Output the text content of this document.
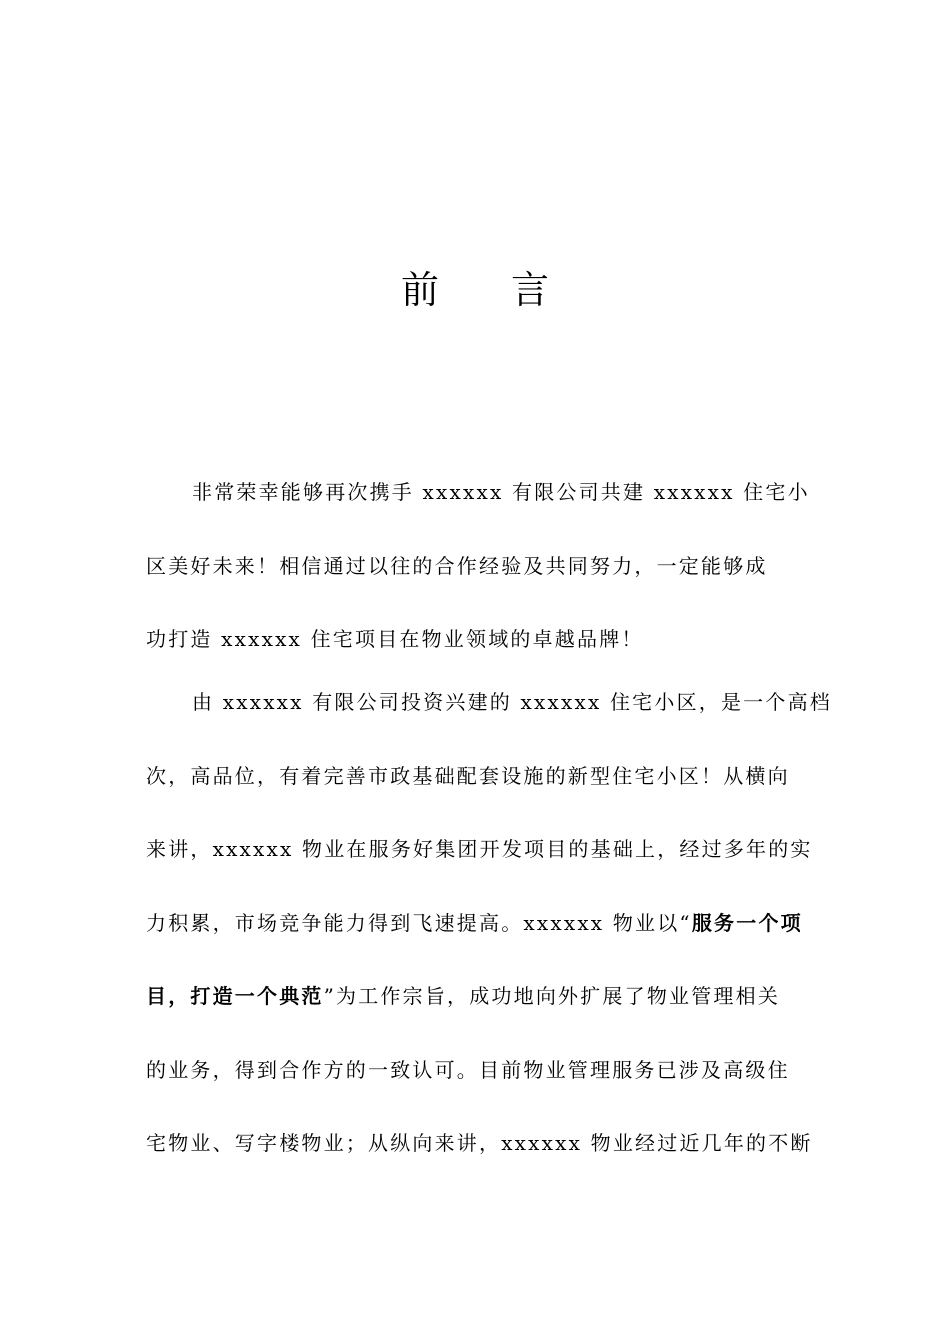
前 言

非常荣幸能够再次携手 xxxxxx 有限公司共建 xxxxxx 住宅小
区美好未来！相信通过以往的合作经验及共同努力，一定能够成
功打造 xxxxxx 住宅项目在物业领域的卓越品牌！

由 xxxxxx 有限公司投资兴建的 xxxxxx 住宅小区，是一个高档
次，高品位，有着完善市政基础配套设施的新型住宅小区！从横向
来讲，xxxxxx 物业在服务好集团开发项目的基础上，经过多年的实
力积累，市场竞争能力得到飞速提高。xxxxxx 物业以“服务一个项
目，打造一个典范”为工作宗旨，成功地向外扩展了物业管理相关
的业务，得到合作方的一致认可。目前物业管理服务已涉及高级住
宅物业、写字楼物业；从纵向来讲，xxxxxx 物业经过近几年的不断
